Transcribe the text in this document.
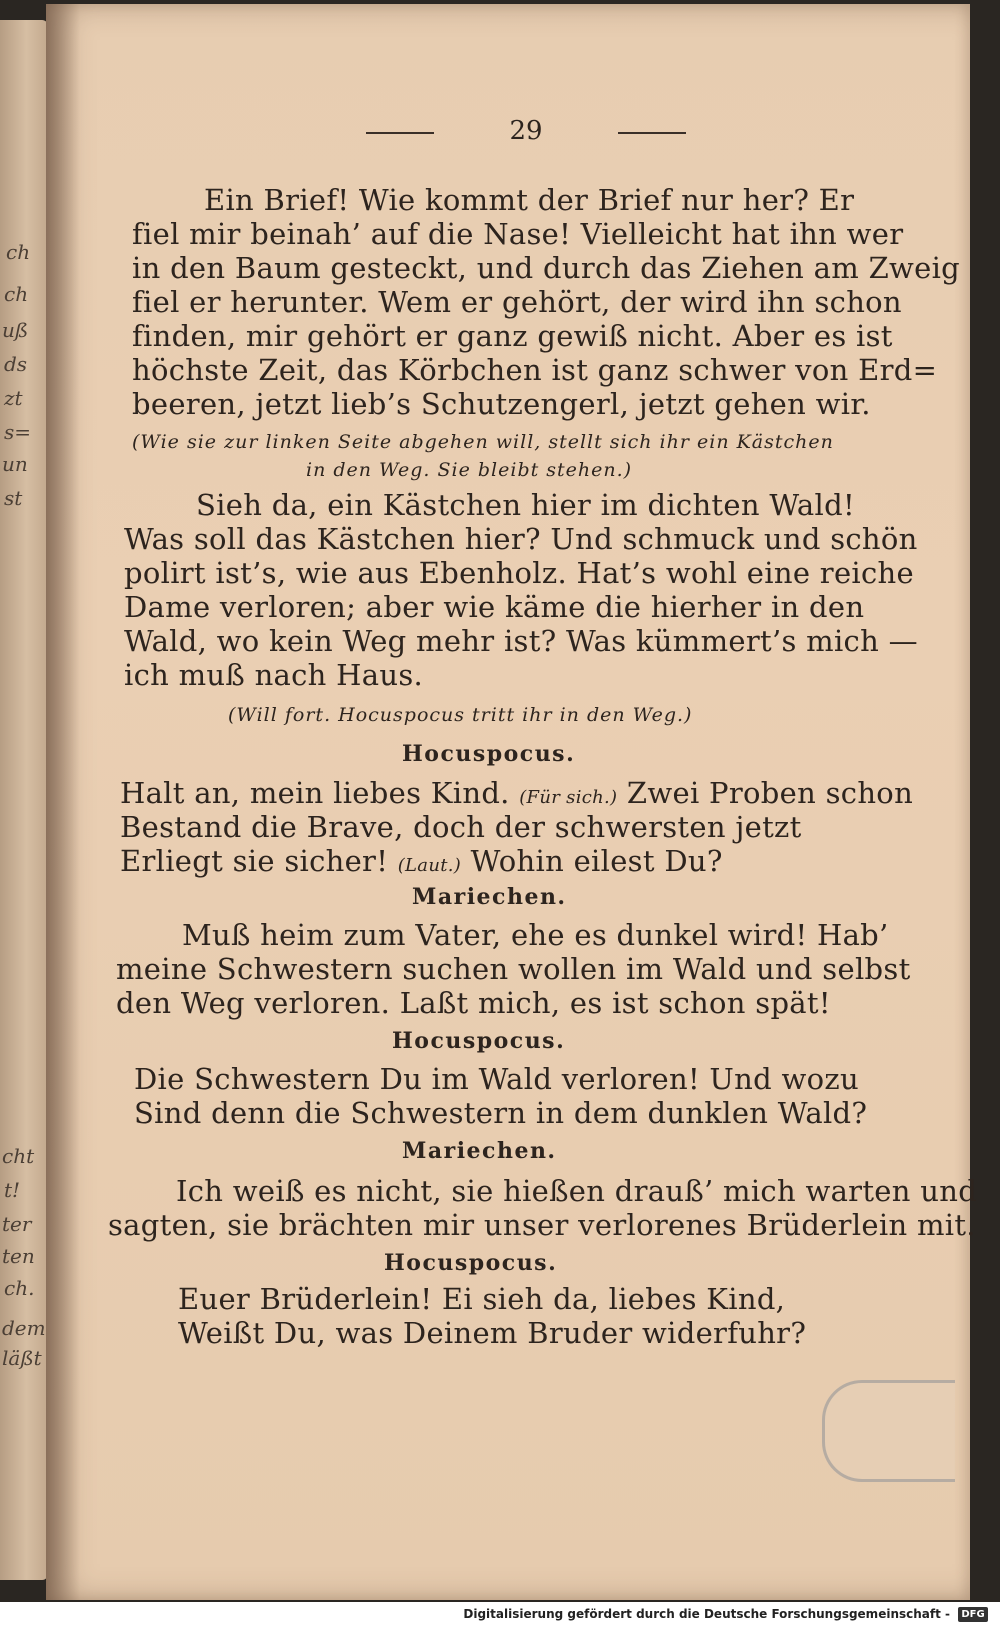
ch
ch
uß
ds
zt
s=
un
st
cht
t!
ter
ten
ch.
dem
läßt
29
Ein Brief! Wie kommt der Brief nur her? Er
fiel mir beinah’ auf die Nase! Vielleicht hat ihn wer
in den Baum gesteckt, und durch das Ziehen am Zweig
fiel er herunter. Wem er gehört, der wird ihn schon
finden, mir gehört er ganz gewiß nicht. Aber es ist
höchste Zeit, das Körbchen ist ganz schwer von Erd=
beeren, jetzt lieb’s Schutzengerl, jetzt gehen wir.
(Wie sie zur linken Seite abgehen will, stellt sich ihr ein Kästchen
in den Weg. Sie bleibt stehen.)
Sieh da, ein Kästchen hier im dichten Wald!
Was soll das Kästchen hier? Und schmuck und schön
polirt ist’s, wie aus Ebenholz. Hat’s wohl eine reiche
Dame verloren; aber wie käme die hierher in den
Wald, wo kein Weg mehr ist? Was kümmert’s mich —
ich muß nach Haus.
(Will fort. Hocuspocus tritt ihr in den Weg.)
Hocuspocus.
Halt an, mein liebes Kind. (Für sich.) Zwei Proben schon
Bestand die Brave, doch der schwersten jetzt
Erliegt sie sicher! (Laut.) Wohin eilest Du?
Mariechen.
Muß heim zum Vater, ehe es dunkel wird! Hab’
meine Schwestern suchen wollen im Wald und selbst
den Weg verloren. Laßt mich, es ist schon spät!
Hocuspocus.
Die Schwestern Du im Wald verloren! Und wozu
Sind denn die Schwestern in dem dunklen Wald?
Mariechen.
Ich weiß es nicht, sie hießen drauß’ mich warten und
sagten, sie brächten mir unser verlorenes Brüderlein mit.
Hocuspocus.
Euer Brüderlein! Ei sieh da, liebes Kind,
Weißt Du, was Deinem Bruder widerfuhr?
Digitalisierung gefördert durch die Deutsche Forschungsgemeinschaft -	DFG
